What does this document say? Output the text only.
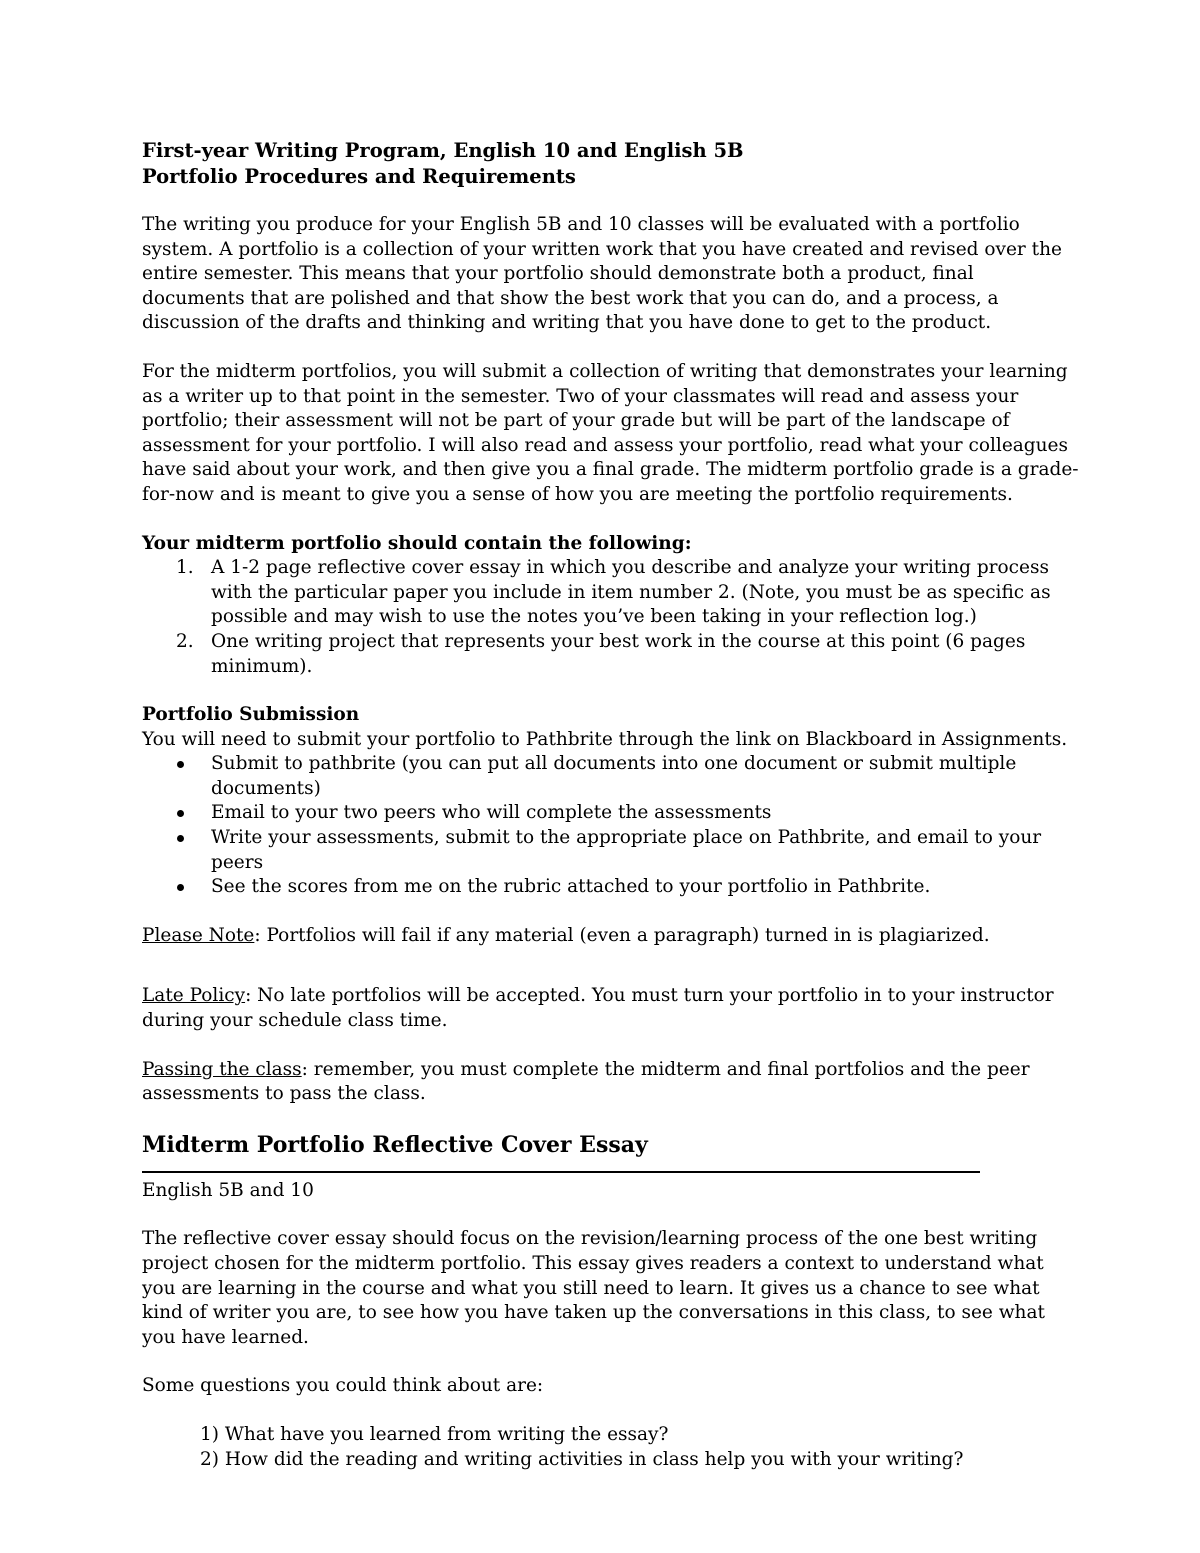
First-year Writing Program, English 10 and English 5B

Portfolio Procedures and Requirements

The writing you produce for your English 5B and 10 classes will be evaluated with a portfolio system. A portfolio is a collection of your written work that you have created and revised over the entire semester. This means that your portfolio should demonstrate both a product, final documents that are polished and that show the best work that you can do, and a process, a discussion of the drafts and thinking and writing that you have done to get to the product.

For the midterm portfolios, you will submit a collection of writing that demonstrates your learning as a writer up to that point in the semester. Two of your classmates will read and assess your portfolio; their assessment will not be part of your grade but will be part of the landscape of assessment for your portfolio. I will also read and assess your portfolio, read what your colleagues have said about your work, and then give you a final grade. The midterm portfolio grade is a grade-for-now and is meant to give you a sense of how you are meeting the portfolio requirements.

Your midterm portfolio should contain the following:

1. A 1-2 page reflective cover essay in which you describe and analyze your writing process with the particular paper you include in item number 2. (Note, you must be as specific as possible and may wish to use the notes you’ve been taking in your reflection log.)
2. One writing project that represents your best work in the course at this point (6 pages minimum).

Portfolio Submission

You will need to submit your portfolio to Pathbrite through the link on Blackboard in Assignments.

Submit to pathbrite (you can put all documents into one document or submit multiple documents)
Email to your two peers who will complete the assessments
Write your assessments, submit to the appropriate place on Pathbrite, and email to your peers
See the scores from me on the rubric attached to your portfolio in Pathbrite.

Please Note: Portfolios will fail if any material (even a paragraph) turned in is plagiarized.

Late Policy: No late portfolios will be accepted. You must turn your portfolio in to your instructor during your schedule class time.

Passing the class: remember, you must complete the midterm and final portfolios and the peer assessments to pass the class.

Midterm Portfolio Reflective Cover Essay

English 5B and 10

The reflective cover essay should focus on the revision/learning process of the one best writing project chosen for the midterm portfolio. This essay gives readers a context to understand what you are learning in the course and what you still need to learn. It gives us a chance to see what kind of writer you are, to see how you have taken up the conversations in this class, to see what you have learned.

Some questions you could think about are:

1) What have you learned from writing the essay?
2) How did the reading and writing activities in class help you with your writing?
